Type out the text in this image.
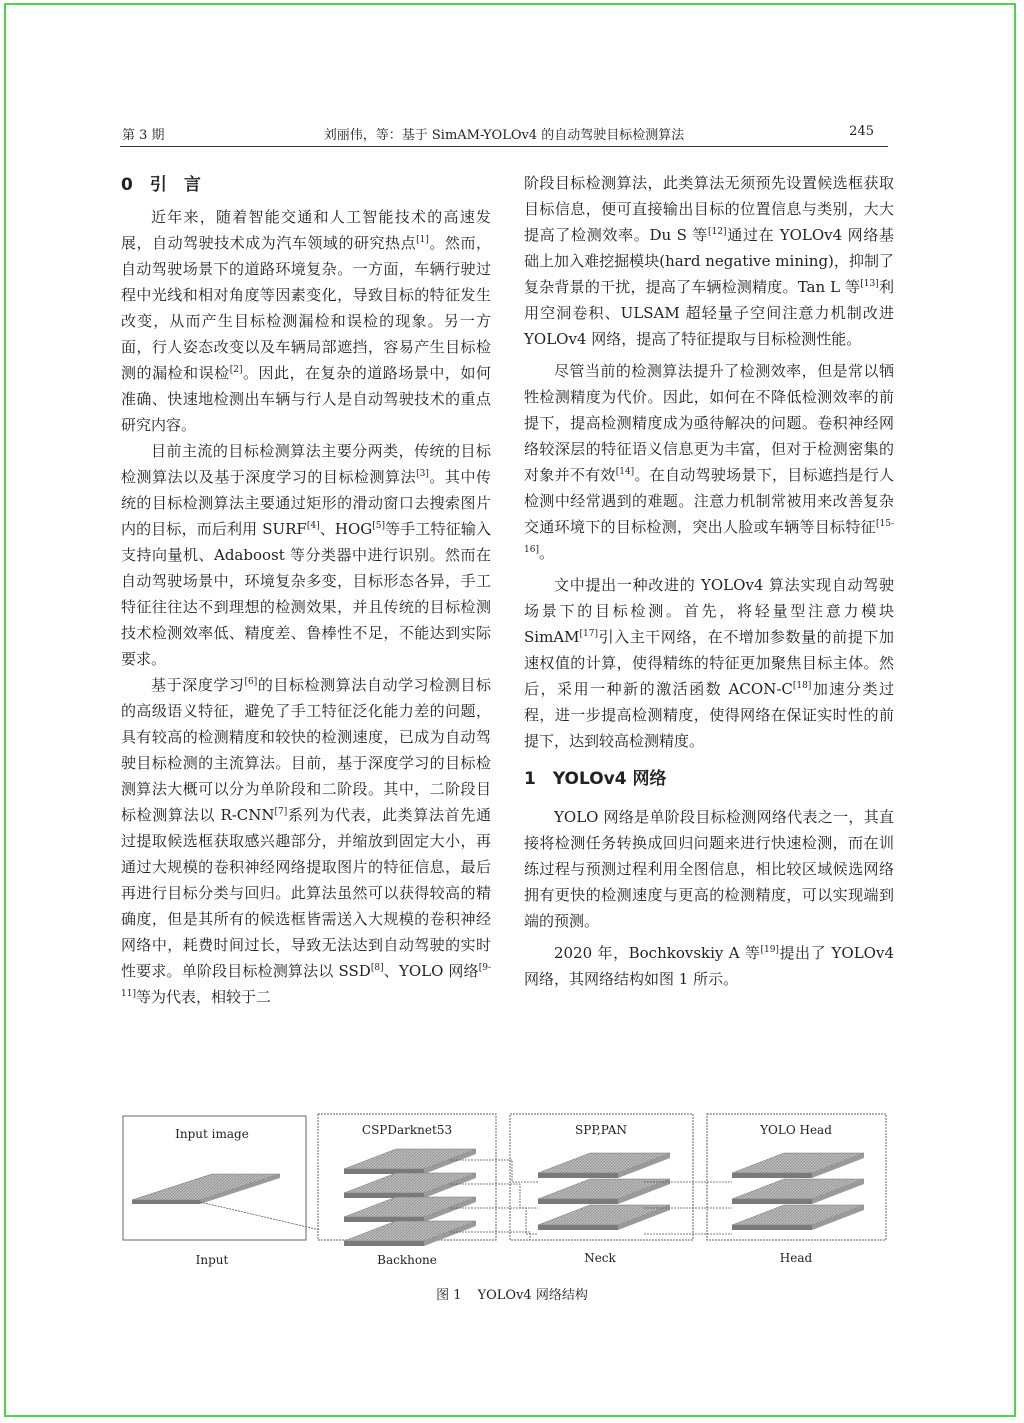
第 3 期	刘丽伟，等：基于 SimAM-YOLOv4 的自动驾驶目标检测算法	245
0　引　言

近年来，随着智能交通和人工智能技术的高速发展，自动驾驶技术成为汽车领域的研究热点[1]。然而，自动驾驶场景下的道路环境复杂。一方面，车辆行驶过程中光线和相对角度等因素变化，导致目标的特征发生改变，从而产生目标检测漏检和误检的现象。另一方面，行人姿态改变以及车辆局部遮挡，容易产生目标检测的漏检和误检[2]。因此，在复杂的道路场景中，如何准确、快速地检测出车辆与行人是自动驾驶技术的重点研究内容。

目前主流的目标检测算法主要分两类，传统的目标检测算法以及基于深度学习的目标检测算法[3]。其中传统的目标检测算法主要通过矩形的滑动窗口去搜索图片内的目标，而后利用 SURF[4]、HOG[5]等手工特征输入支持向量机、Adaboost 等分类器中进行识别。然而在自动驾驶场景中，环境复杂多变，目标形态各异，手工特征往往达不到理想的检测效果，并且传统的目标检测技术检测效率低、精度差、鲁棒性不足，不能达到实际要求。

基于深度学习[6]的目标检测算法自动学习检测目标的高级语义特征，避免了手工特征泛化能力差的问题，具有较高的检测精度和较快的检测速度，已成为自动驾驶目标检测的主流算法。目前，基于深度学习的目标检测算法大概可以分为单阶段和二阶段。其中，二阶段目标检测算法以 R-CNN[7]系列为代表，此类算法首先通过提取候选框获取感兴趣部分，并缩放到固定大小，再通过大规模的卷积神经网络提取图片的特征信息，最后再进行目标分类与回归。此算法虽然可以获得较高的精确度，但是其所有的候选框皆需送入大规模的卷积神经网络中，耗费时间过长，导致无法达到自动驾驶的实时性要求。单阶段目标检测算法以 SSD[8]、YOLO 网络[9-11]等为代表，相较于二

阶段目标检测算法，此类算法无须预先设置候选框获取目标信息，便可直接输出目标的位置信息与类别，大大提高了检测效率。Du S 等[12]通过在 YOLOv4 网络基础上加入难挖掘模块(hard negative mining)，抑制了复杂背景的干扰，提高了车辆检测精度。Tan L 等[13]利用空洞卷积、ULSAM 超轻量子空间注意力机制改进 YOLOv4 网络，提高了特征提取与目标检测性能。

尽管当前的检测算法提升了检测效率，但是常以牺牲检测精度为代价。因此，如何在不降低检测效率的前提下，提高检测精度成为亟待解决的问题。卷积神经网络较深层的特征语义信息更为丰富，但对于检测密集的对象并不有效[14]。在自动驾驶场景下，目标遮挡是行人检测中经常遇到的难题。注意力机制常被用来改善复杂交通环境下的目标检测，突出人脸或车辆等目标特征[15-16]。

文中提出一种改进的 YOLOv4 算法实现自动驾驶场景下的目标检测。首先，将轻量型注意力模块 SimAM[17]引入主干网络，在不增加参数量的前提下加速权值的计算，使得精练的特征更加聚焦目标主体。然后，采用一种新的激活函数 ACON-C[18]加速分类过程，进一步提高检测精度，使得网络在保证实时性的前提下，达到较高检测精度。

1　YOLOv4 网络

YOLO 网络是单阶段目标检测网络代表之一，其直接将检测任务转换成回归问题来进行快速检测，而在训练过程与预测过程利用全图信息，相比较区域候选网络拥有更快的检测速度与更高的检测精度，可以实现端到端的预测。

2020 年，Bochkovskiy A 等[19]提出了 YOLOv4 网络，其网络结构如图 1 所示。

Input image	CSPDarknet53	SPP,PAN	YOLO Head
Input	Backhone	Neck	Head
图 1 YOLOv4 网络结构
